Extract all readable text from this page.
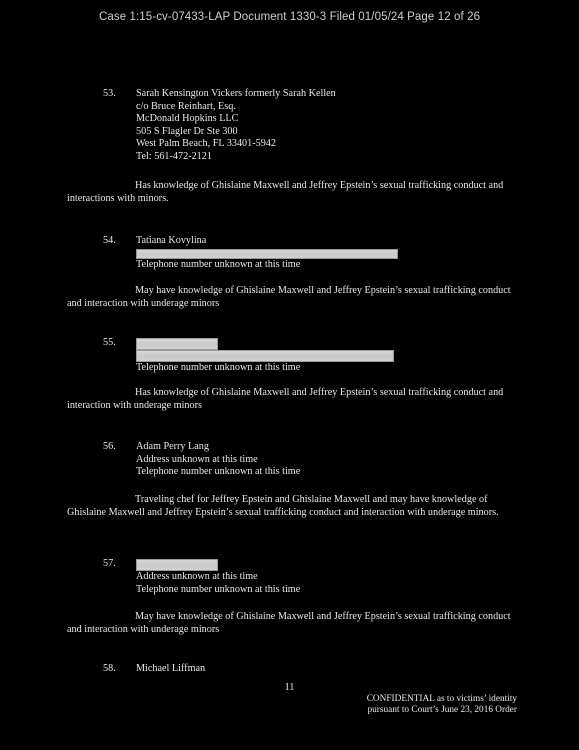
Case 1:15-cv-07433-LAP Document 1330-3 Filed 01/05/24 Page 12 of 26
53. Sarah Kensington Vickers formerly Sarah Kellen
c/o Bruce Reinhart, Esq.
McDonald Hopkins LLC
505 S Flagler Dr Ste 300
West Palm Beach, FL 33401-5942
Tel: 561-472-2121
Has knowledge of Ghislaine Maxwell and Jeffrey Epstein’s sexual trafficking conduct and interactions with minors.
54. Tatiana Kovylina
Telephone number unknown at this time
May have knowledge of Ghislaine Maxwell and Jeffrey Epstein’s sexual trafficking conduct and interaction with underage minors
55.
Telephone number unknown at this time
Has knowledge of Ghislaine Maxwell and Jeffrey Epstein’s sexual trafficking conduct and interaction with underage minors
56. Adam Perry Lang
Address unknown at this time
Telephone number unknown at this time
Traveling chef for Jeffrey Epstein and Ghislaine Maxwell and may have knowledge of Ghislaine Maxwell and Jeffrey Epstein’s sexual trafficking conduct and interaction with underage minors.
57.
Address unknown at this time
Telephone number unknown at this time
May have knowledge of Ghislaine Maxwell and Jeffrey Epstein’s sexual trafficking conduct and interaction with underage minors
58. Michael Liffman
11
CONFIDENTIAL as to victims’ identity
pursuant to Court’s June 23, 2016 Order
